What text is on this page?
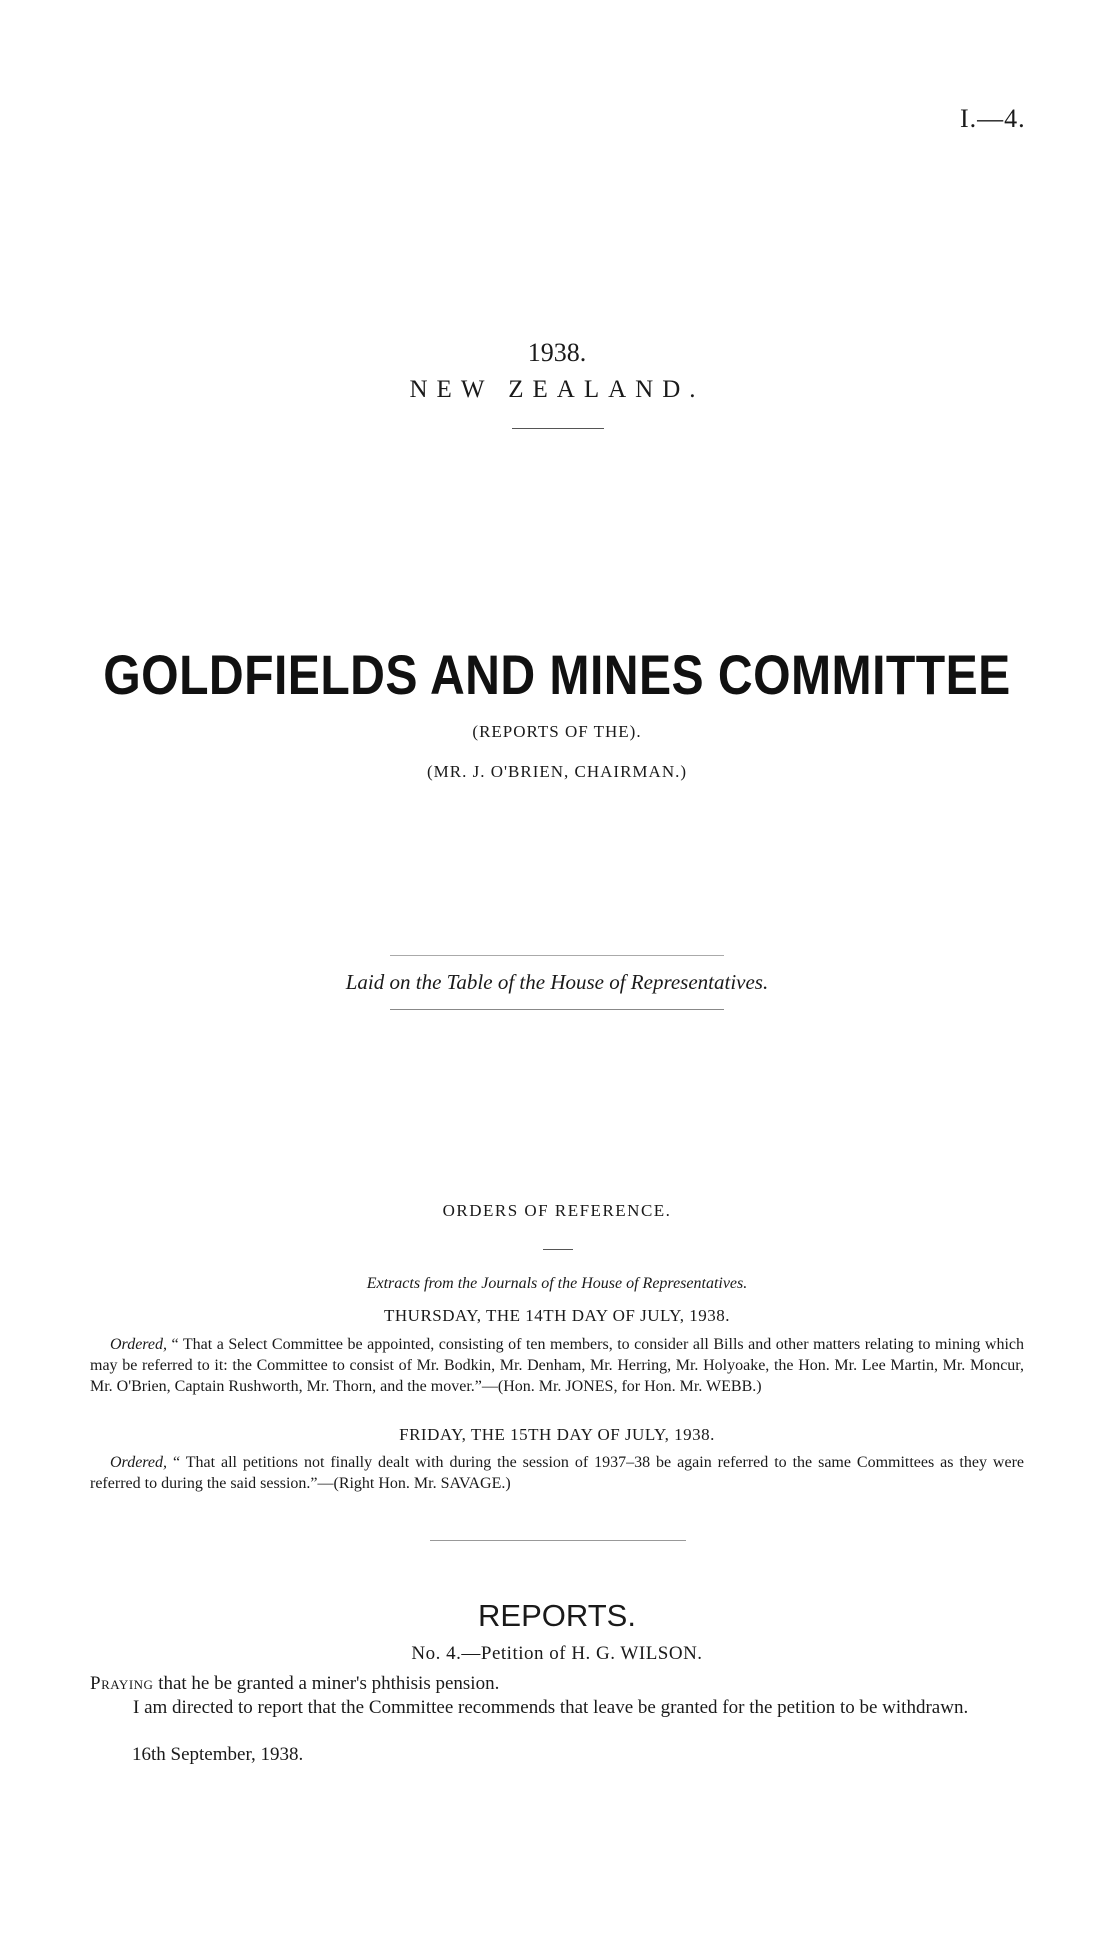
I.—4.
1938.
NEW ZEALAND.
GOLDFIELDS AND MINES COMMITTEE
(REPORTS OF THE).
(MR. J. O'BRIEN, CHAIRMAN.)
Laid on the Table of the House of Representatives.
ORDERS OF REFERENCE.
Extracts from the Journals of the House of Representatives.
THURSDAY, THE 14TH DAY OF JULY, 1938.

Ordered, “ That a Select Committee be appointed, consisting of ten members, to consider all Bills and other matters relating to mining which may be referred to it: the Committee to consist of Mr. Bodkin, Mr. Denham, Mr. Herring, Mr. Holyoake, the Hon. Mr. Lee Martin, Mr. Moncur, Mr. O'Brien, Captain Rushworth, Mr. Thorn, and the mover.”—(Hon. Mr. JONES, for Hon. Mr. WEBB.)

FRIDAY, THE 15TH DAY OF JULY, 1938.

Ordered, “ That all petitions not finally dealt with during the session of 1937–38 be again referred to the same Committees as they were referred to during the said session.”—(Right Hon. Mr. SAVAGE.)

REPORTS.
No. 4.—Petition of H. G. WILSON.
Praying that he be granted a miner's phthisis pension.
I am directed to report that the Committee recommends that leave be granted for the petition to be withdrawn.
16th September, 1938.
